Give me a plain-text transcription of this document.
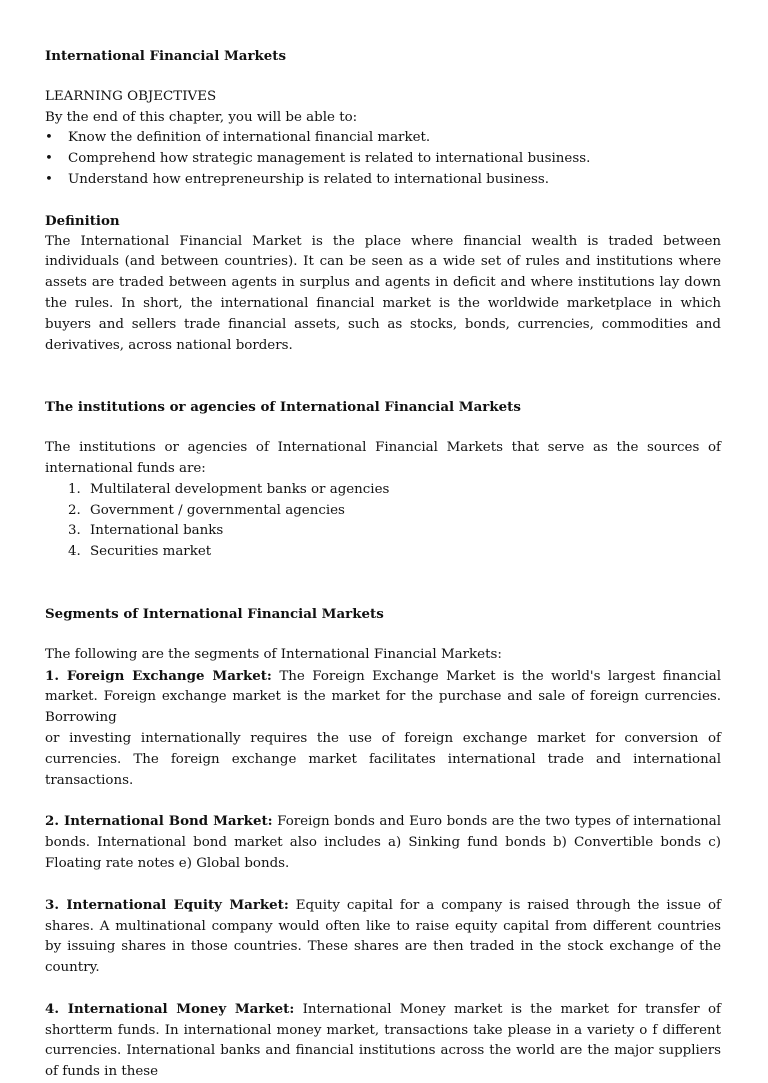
International Financial Markets

LEARNING OBJECTIVES

By the end of this chapter, you will be able to:

• Know the definition of international financial market.
• Comprehend how strategic management is related to international business.
• Understand how entrepreneurship is related to international business.

Definition

The International Financial Market is the place where financial wealth is traded between individuals (and between countries). It can be seen as a wide set of rules and institutions where assets are traded between agents in surplus and agents in deficit and where institutions lay down the rules. In short, the international financial market is the worldwide marketplace in which buyers and sellers trade financial assets, such as stocks, bonds, currencies, commodities and derivatives, across national borders.

The institutions or agencies of International Financial Markets

The institutions or agencies of International Financial Markets that serve as the sources of international funds are:

1. Multilateral development banks or agencies
2. Government / governmental agencies
3. International banks
4. Securities market

Segments of International Financial Markets

The following are the segments of International Financial Markets:

1. Foreign Exchange Market: The Foreign Exchange Market is the world's largest financial market. Foreign exchange market is the market for the purchase and sale of foreign currencies. Borrowing

or investing internationally requires the use of foreign exchange market for conversion of currencies. The foreign exchange market facilitates international trade and international transactions.

2. International Bond Market: Foreign bonds and Euro bonds are the two types of international bonds. International bond market also includes a) Sinking fund bonds b) Convertible bonds c) Floating rate notes e) Global bonds.

3. International Equity Market: Equity capital for a company is raised through the issue of shares. A multinational company would often like to raise equity capital from different countries by issuing shares in those countries. These shares are then traded in the stock exchange of the country.

4. International Money Market: International Money market is the market for transfer of shortterm funds. In international money market, transactions take please in a variety o f different currencies. International banks and financial institutions across the world are the major suppliers of funds in these
